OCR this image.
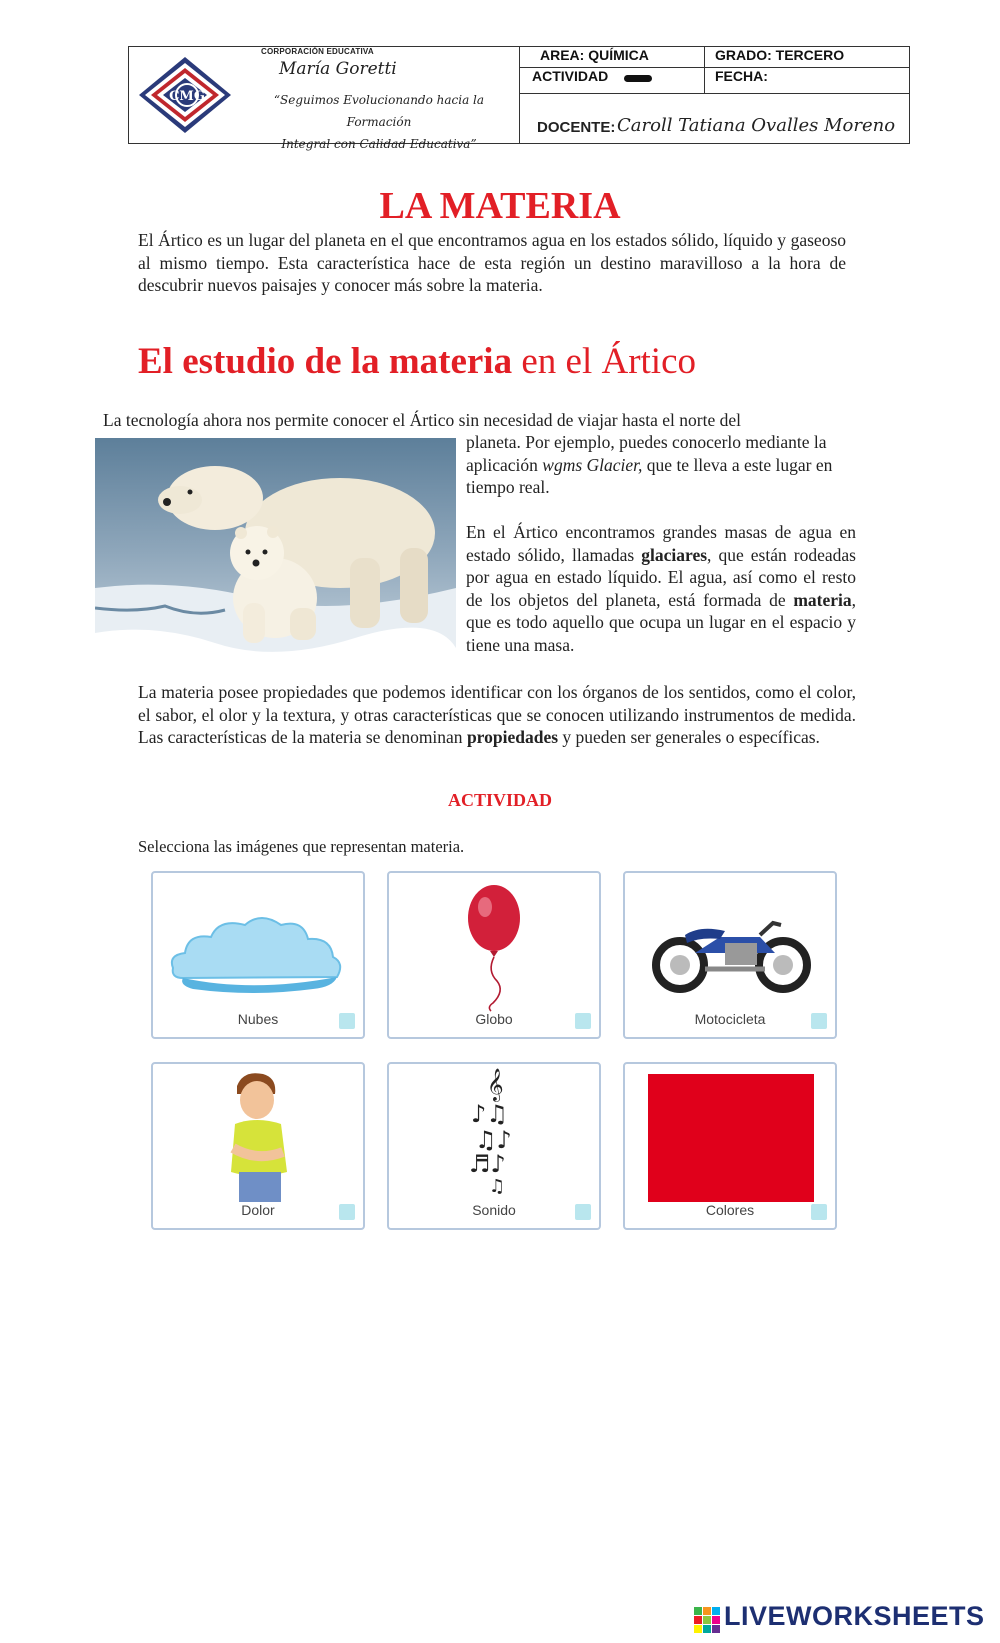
CMG
CORPORACIÓN EDUCATIVA
María Goretti
“Seguimos Evolucionando hacia la Formación
Integral con Calidad Educativa”
AREA: QUÍMICA	GRADO: TERCERO
ACTIVIDAD	FECHA:
DOCENTE: Caroll Tatiana Ovalles Moreno
LA MATERIA
El Ártico es un lugar del planeta en el que encontramos agua en los estados sólido, líquido y gaseoso al mismo tiempo. Esta característica hace de esta región un destino maravilloso a la hora de descubrir nuevos paisajes y conocer más sobre la materia.
El estudio de la materia en el Ártico
La tecnología ahora nos permite conocer el Ártico sin necesidad de viajar hasta el norte del
planeta. Por ejemplo, puedes conocerlo mediante la aplicación wgms Glacier, que te lleva a este lugar en tiempo real.
En el Ártico encontramos grandes masas de agua en estado sólido, llamadas glaciares, que están rodeadas por agua en estado líquido. El agua, así como el resto de los objetos del planeta, está formada de materia, que es todo aquello que ocupa un lugar en el espacio y tiene una masa.
La materia posee propiedades que podemos identificar con los órganos de los sentidos, como el color, el sabor, el olor y la textura, y otras características que se conocen utilizando instrumentos de medida. Las características de la materia se denominan propiedades y pueden ser generales o específicas.
ACTIVIDAD
Selecciona las imágenes que representan materia.
Nubes	Globo	Motocicleta
Dolor
𝄞
♪♫
♫♪
♬♪
♫
Sonido	Colores
LIVEWORKSHEETS
